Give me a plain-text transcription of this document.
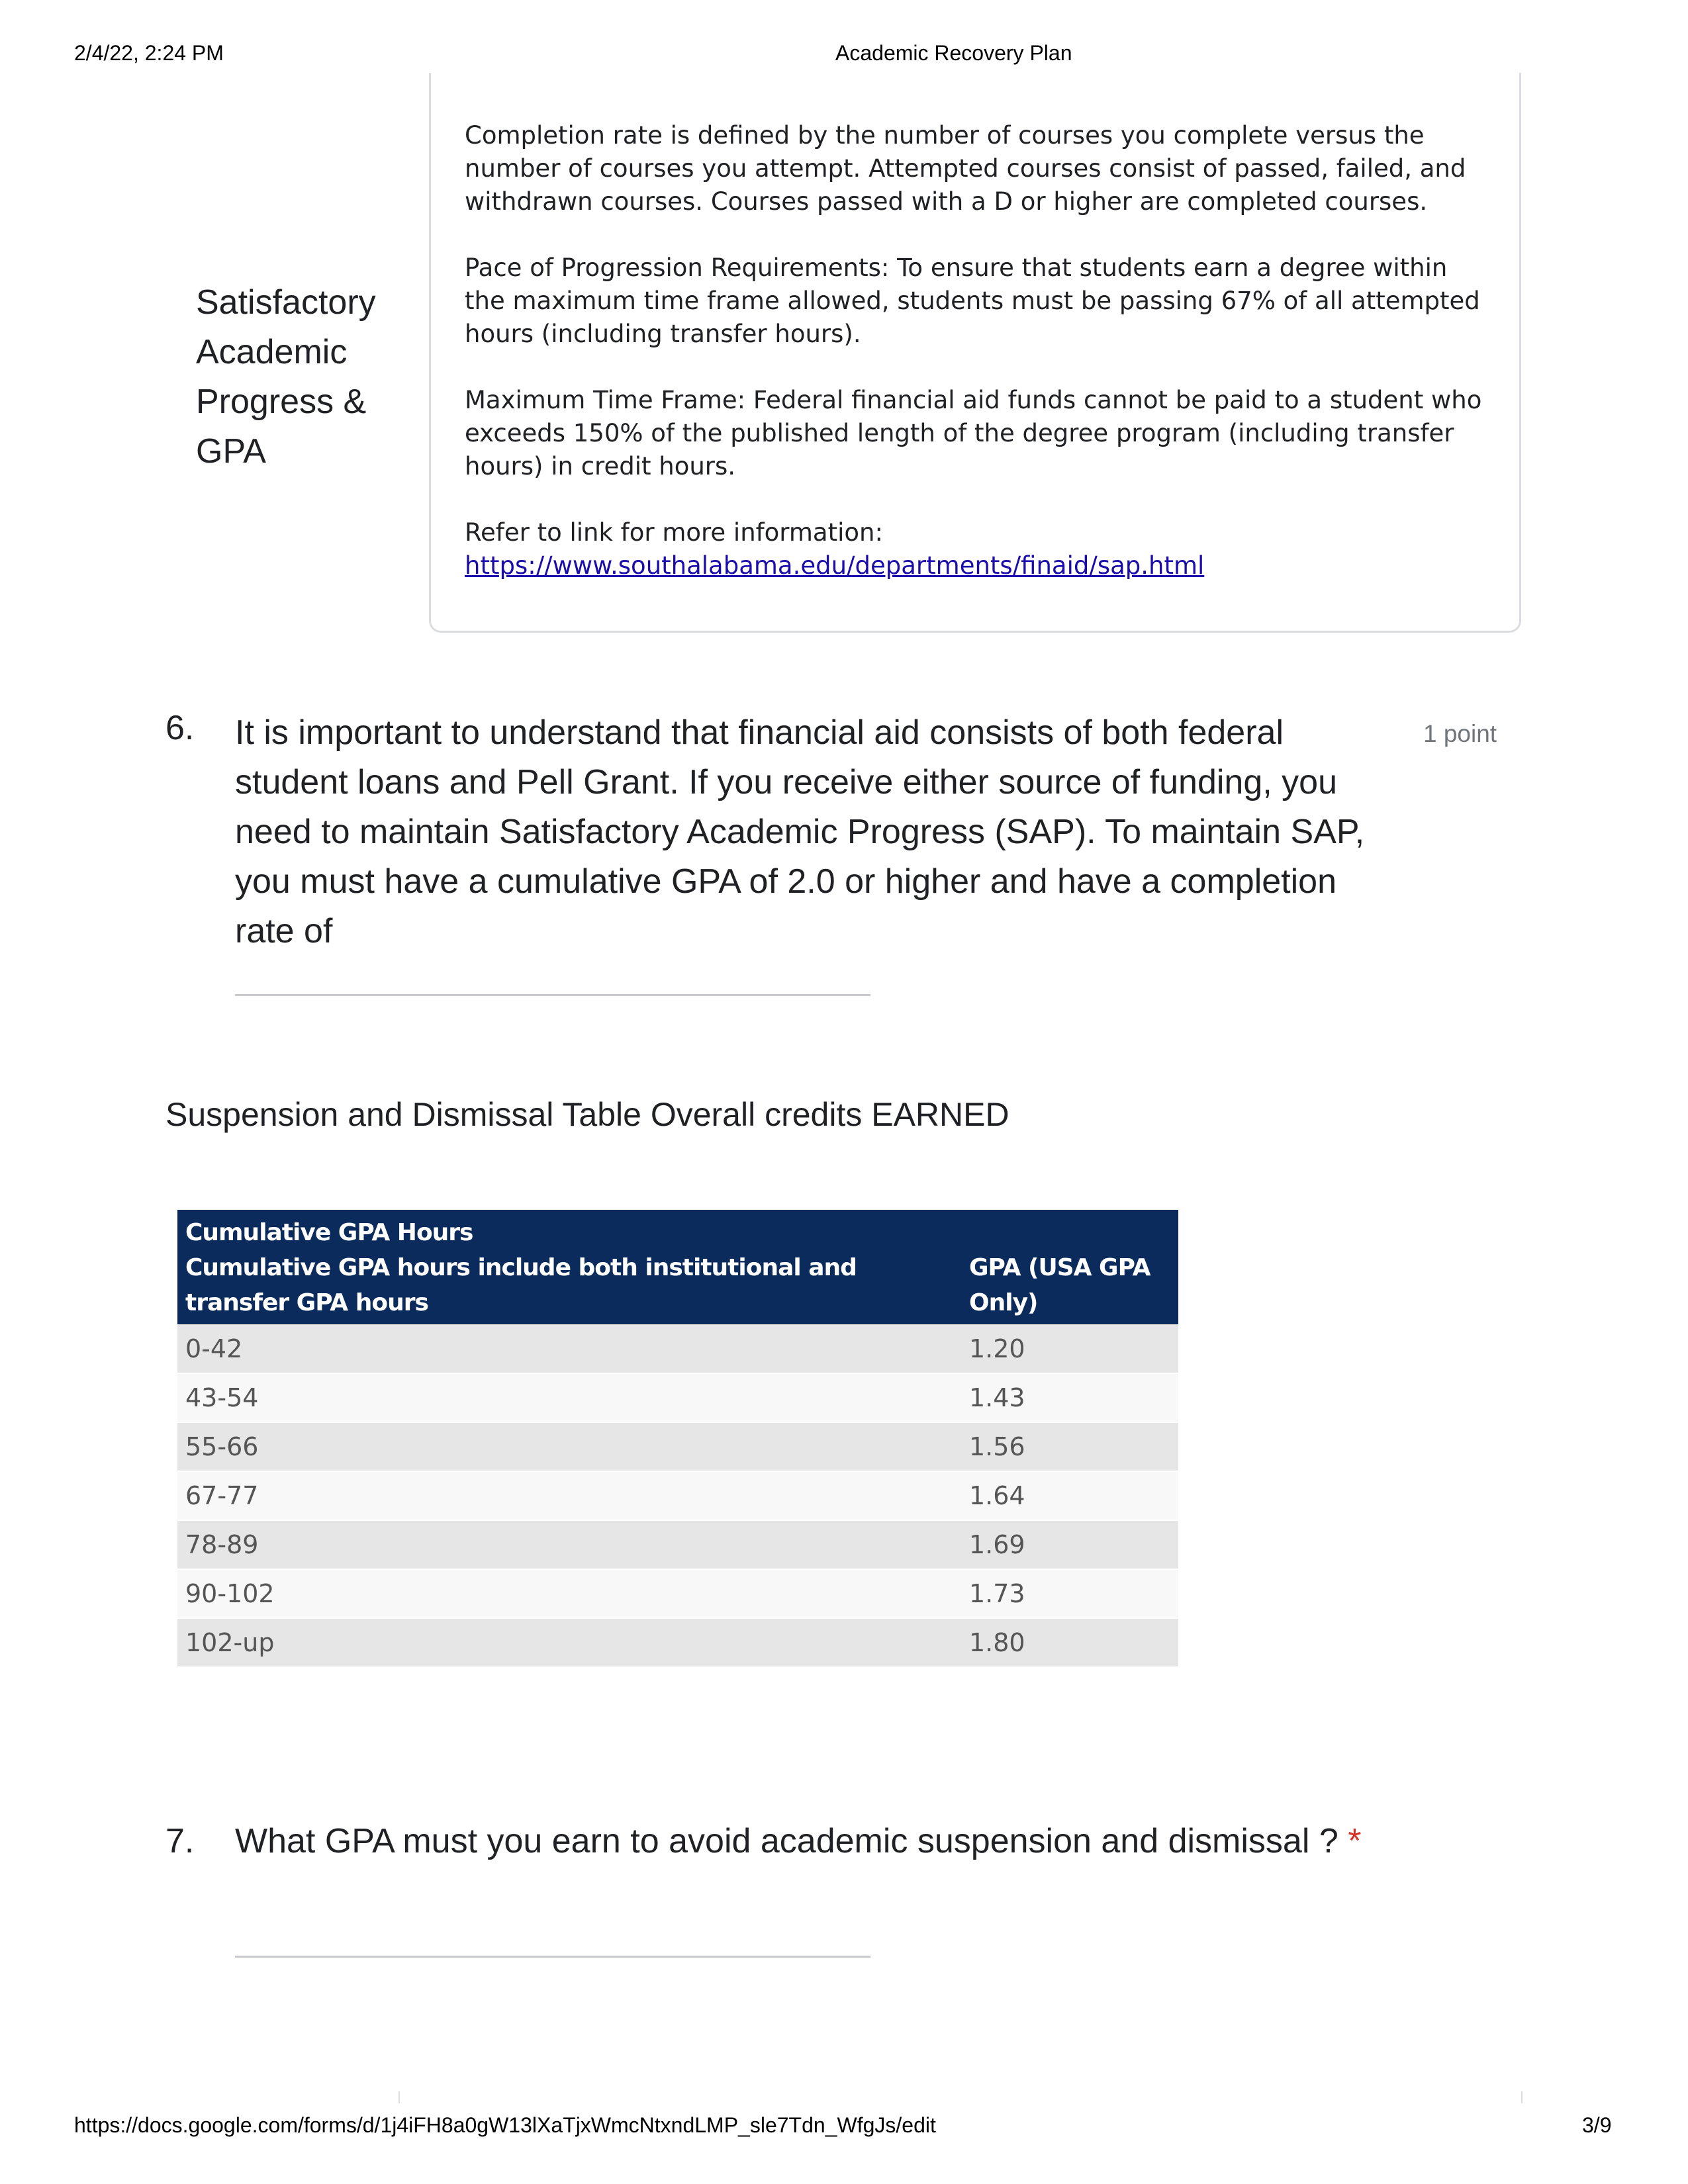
2/4/22, 2:24 PM	Academic Recovery Plan
Satisfactory
Academic
Progress &
GPA

Completion rate is defined by the number of courses you complete versus the number of courses you attempt. Attempted courses consist of passed, failed, and withdrawn courses. Courses passed with a D or higher are completed courses.

Pace of Progression Requirements: To ensure that students earn a degree within the maximum time frame allowed, students must be passing 67% of all attempted hours (including transfer hours).

Maximum Time Frame: Federal financial aid funds cannot be paid to a student who exceeds 150% of the published length of the degree program (including transfer hours) in credit hours.

Refer to link for more information:
https://www.southalabama.edu/departments/finaid/sap.html
6. It is important to understand that financial aid consists of both federal student loans and Pell Grant. If you receive either source of funding, you need to maintain Satisfactory Academic Progress (SAP). To maintain SAP, you must have a cumulative GPA of 2.0 or higher and have a completion rate of
1 point
Suspension and Dismissal Table Overall credits EARNED
Cumulative GPA Hours
Cumulative GPA hours include both institutional and transfer GPA hours	GPA (USA GPA Only)
0-42	1.20
43-54	1.43
55-66	1.56
67-77	1.64
78-89	1.69
90-102	1.73
102-up	1.80
7. What GPA must you earn to avoid academic suspension and dismissal ? *
https://docs.google.com/forms/d/1j4iFH8a0gW13lXaTjxWmcNtxndLMP_sle7Tdn_WfgJs/edit	3/9
